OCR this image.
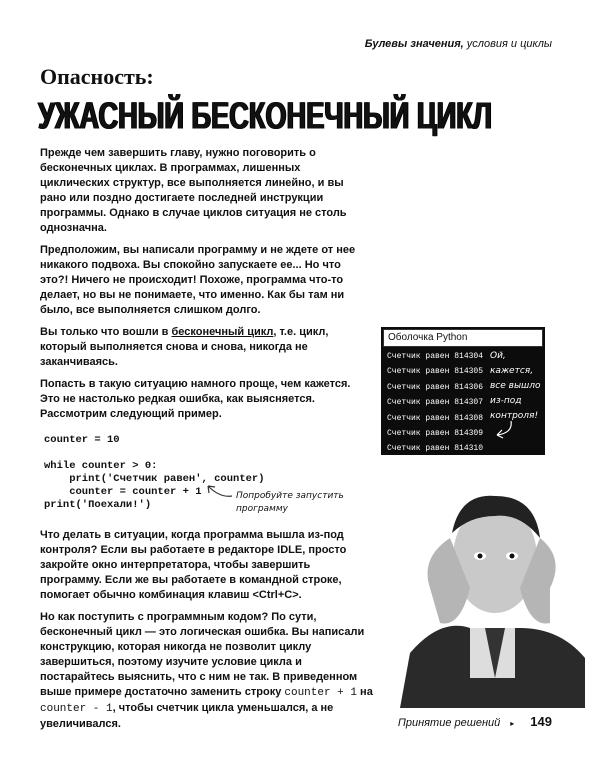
Булевы значения, условия и циклы
Опасность:
УЖАСНЫЙ БЕСКОНЕЧНЫЙ ЦИКЛ

Прежде чем завершить главу, нужно поговорить о бесконечных циклах. В программах, лишенных циклических структур, все выполняется линейно, и вы рано или поздно достигаете последней инструкции программы. Однако в случае циклов ситуация не столь однозначна.

Предположим, вы написали программу и не ждете от нее никакого подвоха. Вы спокойно запускаете ее... Но что это?! Ничего не происходит! Похоже, программа что-то делает, но вы не понимаете, что именно. Как бы там ни было, все выполняется слишком долго.

Вы только что вошли в бесконечный цикл, т.е. цикл, который выполняется снова и снова, никогда не заканчиваясь.

Попасть в такую ситуацию намного проще, чем кажется. Это не настолько редкая ошибка, как выясняется. Рассмотрим следующий пример.

counter = 10

while counter > 0:
print('Счетчик равен', counter)
counter = counter + 1
print('Поехали!')
Попробуйте запустить программу

Что делать в ситуации, когда программа вышла из-под контроля? Если вы работаете в редакторе IDLE, просто закройте окно интерпретатора, чтобы завершить программу. Если же вы работаете в командной строке, помогает обычно комбинация клавиш <Ctrl+C>.

Но как поступить с программным кодом? По сути, бесконечный цикл — это логическая ошибка. Вы написали конструкцию, которая никогда не позволит циклу завершиться, поэтому изучите условие цикла и постарайтесь выяснить, что с ним не так. В приведенном выше примере достаточно заменить строку counter + 1 на counter - 1, чтобы счетчик цикла уменьшался, а не увеличивался.

Оболочка Python
Счетчик равен 814304
Счетчик равен 814305
Счетчик равен 814306
Счетчик равен 814307
Счетчик равен 814308
Счетчик равен 814309
Счетчик равен 814310
Ой, кажется, все вышло из-под контроля!
Принятие решений ▸ 149
